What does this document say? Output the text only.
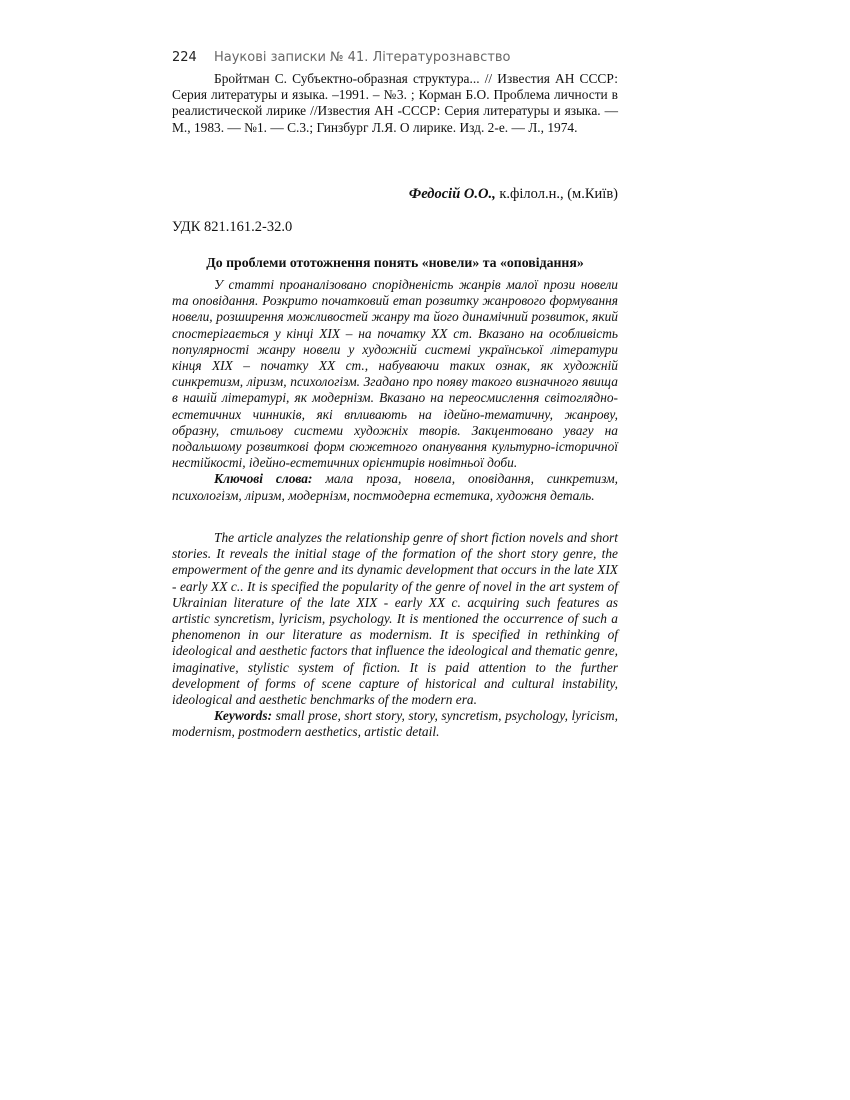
224 Наукові записки № 41. Літературознавство

Бройтман С. Субъектно-образная структура... // Известия АН СССР: Серия литературы и языка. –1991. – №3. ; Корман Б.О. Проблема личности в реалистической лирике //Известия АН -СССР: Серия литературы и языка. — М., 1983. — №1. — С.3.; Гинзбург Л.Я. О лирике. Изд. 2-е. — Л., 1974.

Федосій О.О., к.філол.н., (м.Київ)
УДК 821.161.2-32.0
До проблеми ототожнення понять «новели» та «оповідання»

У статті проаналізовано спорідненість жанрів малої прози новели та оповідання. Розкрито початковий етап розвитку жанрового формування новели, розширення можливостей жанру та його динамічний розвиток, який спостерігається у кінці XIX – на початку XX ст. Вказано на особливість популярності жанру новели у художній системі української літератури кінця XIX – початку XX ст., набуваючи таких ознак, як художній синкретизм, ліризм, психологізм. Згадано про появу такого визначного явища в нашій літературі, як модернізм. Вказано на переосмислення світоглядно-естетичних чинників, які впливають на ідейно-тематичну, жанрову, образну, стильову системи художніх творів. Закцентовано увагу на подальшому розвиткові форм сюжетного опанування культурно-історичної нестійкості, ідейно-естетичних орієнтирів новітньої доби.

Ключові слова: мала проза, новела, оповідання, синкретизм, психологізм, ліризм, модернізм, постмодерна естетика, художня деталь.

The article analyzes the relationship genre of short fiction novels and short stories. It reveals the initial stage of the formation of the short story genre, the empowerment of the genre and its dynamic development that occurs in the late XIX - early XX c.. It is specified the popularity of the genre of novel in the art system of Ukrainian literature of the late XIX - early XX c. acquiring such features as artistic syncretism, lyricism, psychology. It is mentioned the occurrence of such a phenomenon in our literature as modernism. It is specified in rethinking of ideological and aesthetic factors that influence the ideological and thematic genre, imaginative, stylistic system of fiction. It is paid attention to the further development of forms of scene capture of historical and cultural instability, ideological and aesthetic benchmarks of the modern era.

Keywords: small prose, short story, story, syncretism, psychology, lyricism, modernism, postmodern aesthetics, artistic detail.
